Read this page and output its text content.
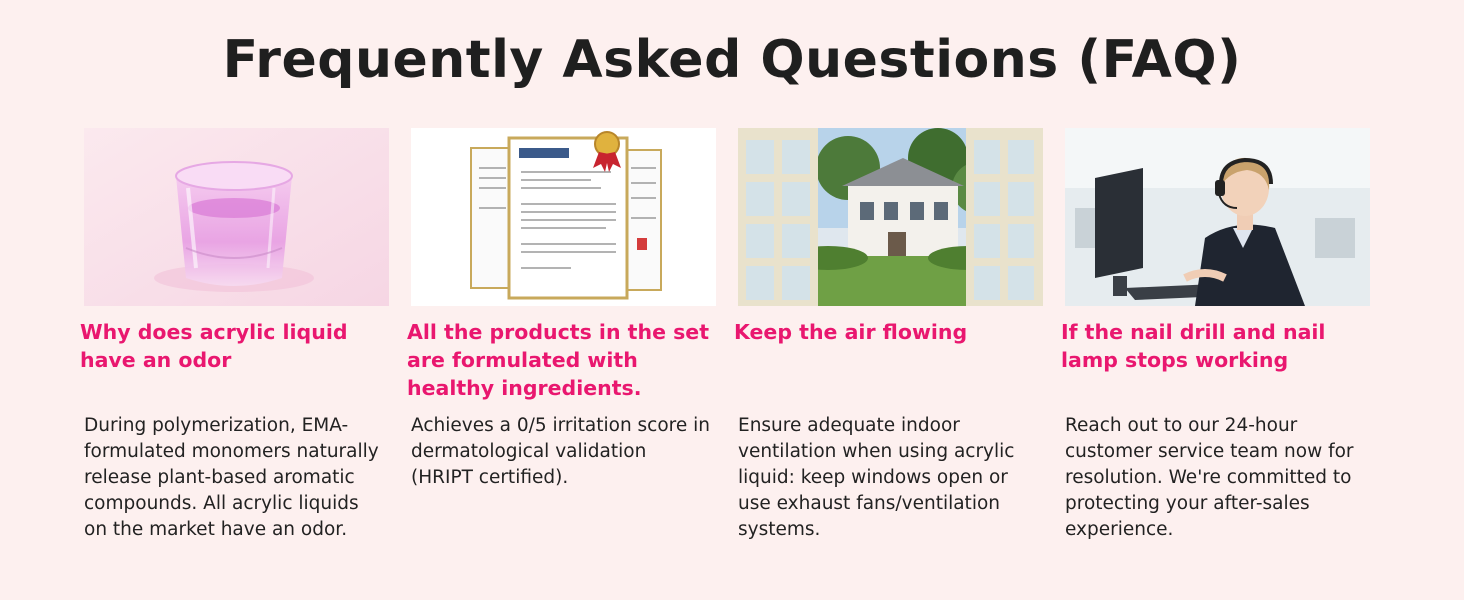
Frequently Asked Questions (FAQ)
Why does acrylic liquid have an odor
During polymerization, EMA-formulated monomers naturally release plant-based aromatic compounds. All acrylic liquids on the market have an odor.
All the products in the set are formulated with healthy ingredients.
Achieves a 0/5 irritation score in dermatological validation (HRIPT certified).
Keep the air flowing
Ensure adequate indoor ventilation when using acrylic liquid: keep windows open or use exhaust fans/ventilation systems.
If the nail drill and nail lamp stops working
Reach out to our 24-hour customer service team now for resolution. We're committed to protecting your after-sales experience.
